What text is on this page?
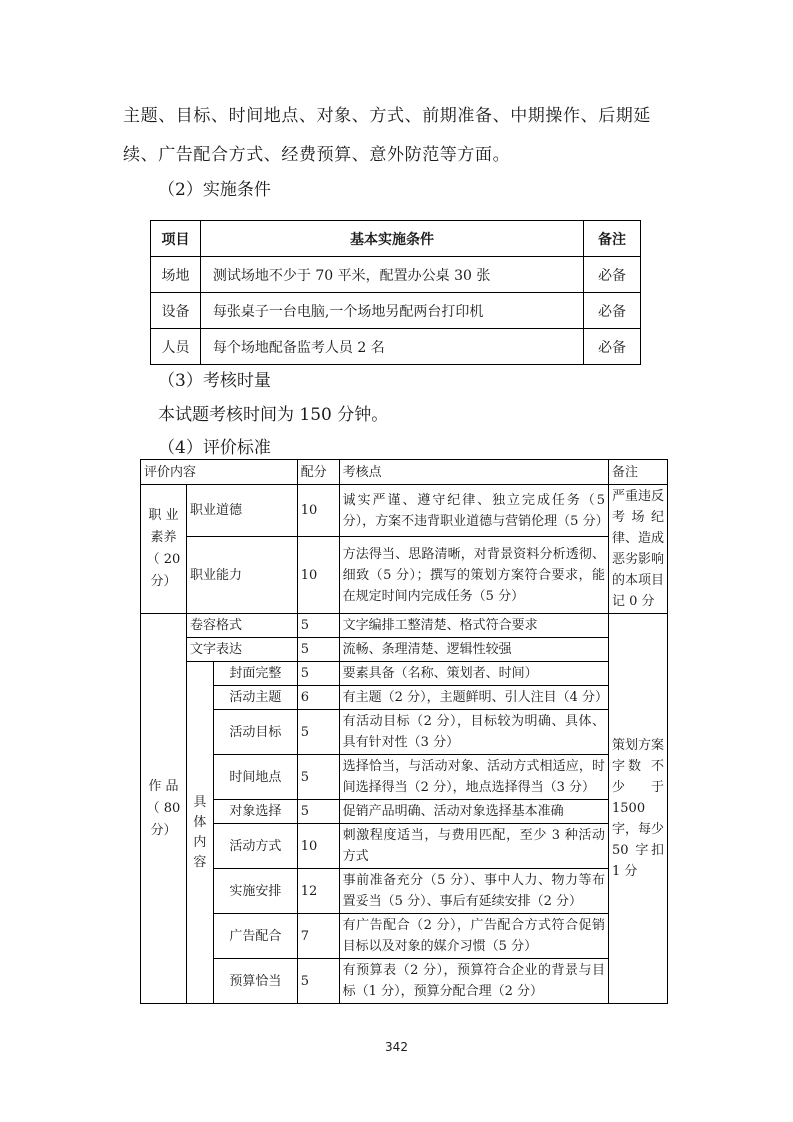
主题、目标、时间地点、对象、方式、前期准备、中期操作、后期延
续、广告配合方式、经费预算、意外防范等方面。
（2）实施条件
项目	基本实施条件	备注
场地	测试场地不少于 70 平米，配置办公桌 30 张	必备
设备	每张桌子一台电脑,一个场地另配两台打印机	必备
人员	每个场地配备监考人员 2 名	必备
（3）考核时量
本试题考核时间为 150 分钟。
（4）评价标准
评价内容			配分	考核点	备注
职 业 素养（ 20 分）	职业道德		10	诚实严谨、遵守纪律、独立完成任务（5 分），方案不违背职业道德与营销伦理（5 分）	严重违反考场纪律、造成恶劣影响的本项目记 0 分
	职业能力		10	方法得当、思路清晰，对背景资料分析透彻、细致（5 分）；撰写的策划方案符合要求，能在规定时间内完成任务（5 分）	
作 品（ 80 分）	卷容格式		5	文字编排工整清楚、格式符合要求	策划方案字数 不 少 于 1500 字，每少 50 字扣 1 分
	文字表达		5	流畅、条理清楚、逻辑性较强	
	具体内容	封面完整	5	要素具备（名称、策划者、时间）	
		活动主题	6	有主题（2 分），主题鲜明、引人注目（4 分）	
		活动目标	5	有活动目标（2 分），目标较为明确、具体、具有针对性（3 分）	
		时间地点	5	选择恰当，与活动对象、活动方式相适应，时间选择得当（2 分），地点选择得当（3 分）	
		对象选择	5	促销产品明确、活动对象选择基本准确	
		活动方式	10	刺激程度适当，与费用匹配，至少 3 种活动方式	
		实施安排	12	事前准备充分（5 分）、事中人力、物力等布置妥当（5 分）、事后有延续安排（2 分）	
		广告配合	7	有广告配合（2 分），广告配合方式符合促销目标以及对象的媒介习惯（5 分）	
		预算恰当	5	有预算表（2 分），预算符合企业的背景与目标（1 分），预算分配合理（2 分）	
342
